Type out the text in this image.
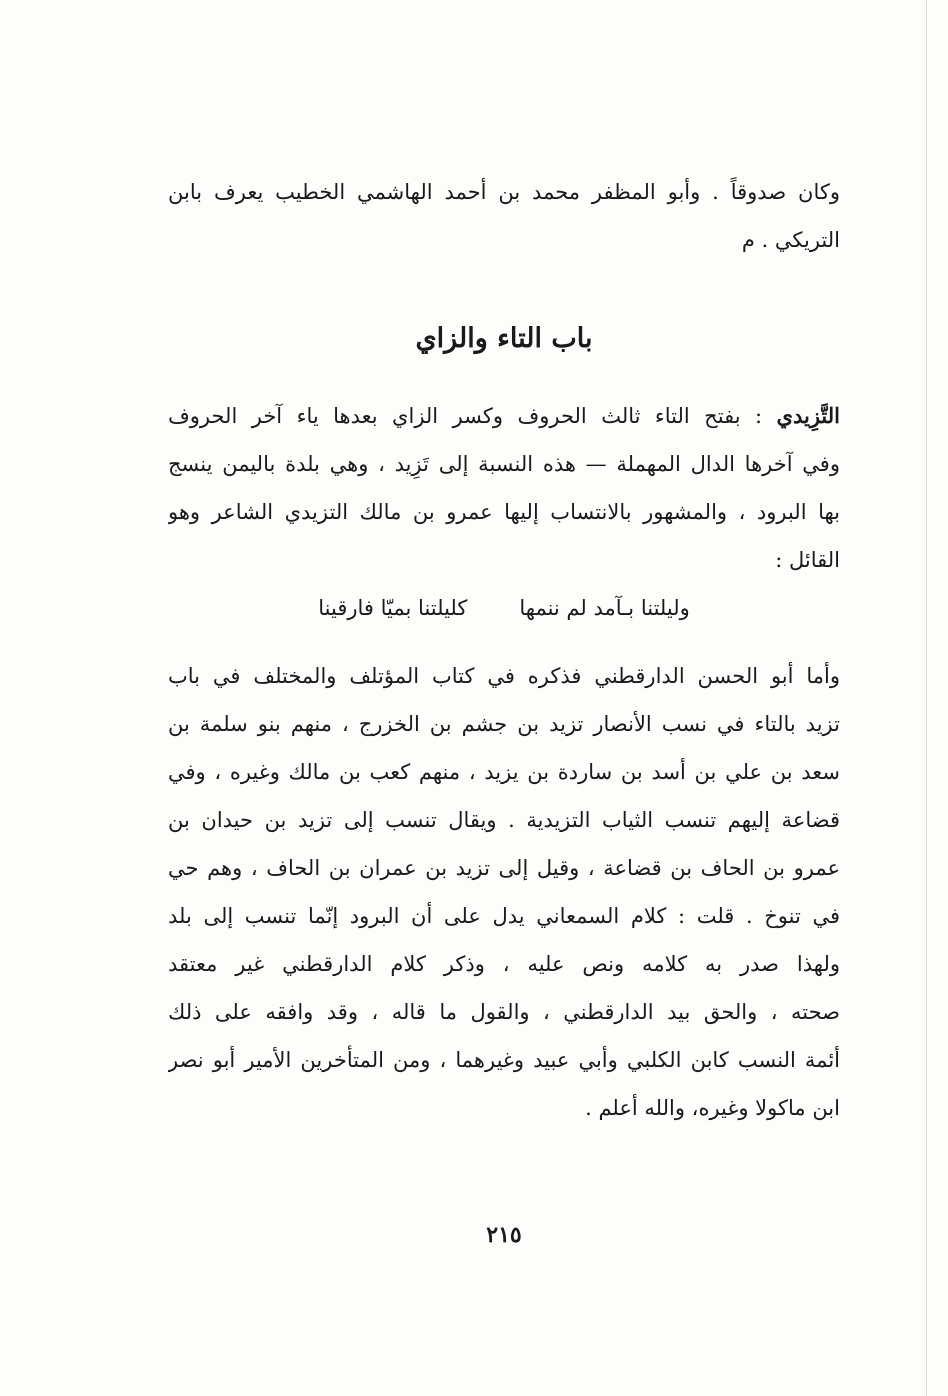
وكان صدوقاً . وأبو المظفر محمد بن أحمد الهاشمي الخطيب يعرف بابن
التريكي . م
باب التاء والزاي
التَّزِيدي : بفتح التاء ثالث الحروف وكسر الزاي بعدها ياء آخر الحروف
وفي آخرها الدال المهملة — هذه النسبة إلى تَزِيد ، وهي بلدة باليمن ينسج
بها البرود ، والمشهور بالانتساب إليها عمرو بن مالك التزيدي الشاعر وهو
القائل :
وليلتنا بـآمد لم ننمها
كليلتنا بميّا فارقينا
وأما أبو الحسن الدارقطني فذكره في كتاب المؤتلف والمختلف في باب
تزيد بالتاء في نسب الأنصار تزيد بن جشم بن الخزرج ، منهم بنو سلمة بن
سعد بن علي بن أسد بن ساردة بن يزيد ، منهم كعب بن مالك وغيره ، وفي
قضاعة إليهم تنسب الثياب التزيدية . ويقال تنسب إلى تزيد بن حيدان بن
عمرو بن الحاف بن قضاعة ، وقيل إلى تزيد بن عمران بن الحاف ، وهم حي
في تنوخ . قلت : كلام السمعاني يدل على أن البرود إنّما تنسب إلى بلد
ولهذا صدر به كلامه ونص عليه ، وذكر كلام الدارقطني غير معتقد
صحته ، والحق بيد الدارقطني ، والقول ما قاله ، وقد وافقه على ذلك
أئمة النسب كابن الكلبي وأبي عبيد وغيرهما ، ومن المتأخرين الأمير أبو نصر
ابن ماكولا وغيره، والله أعلم .
٢١٥
